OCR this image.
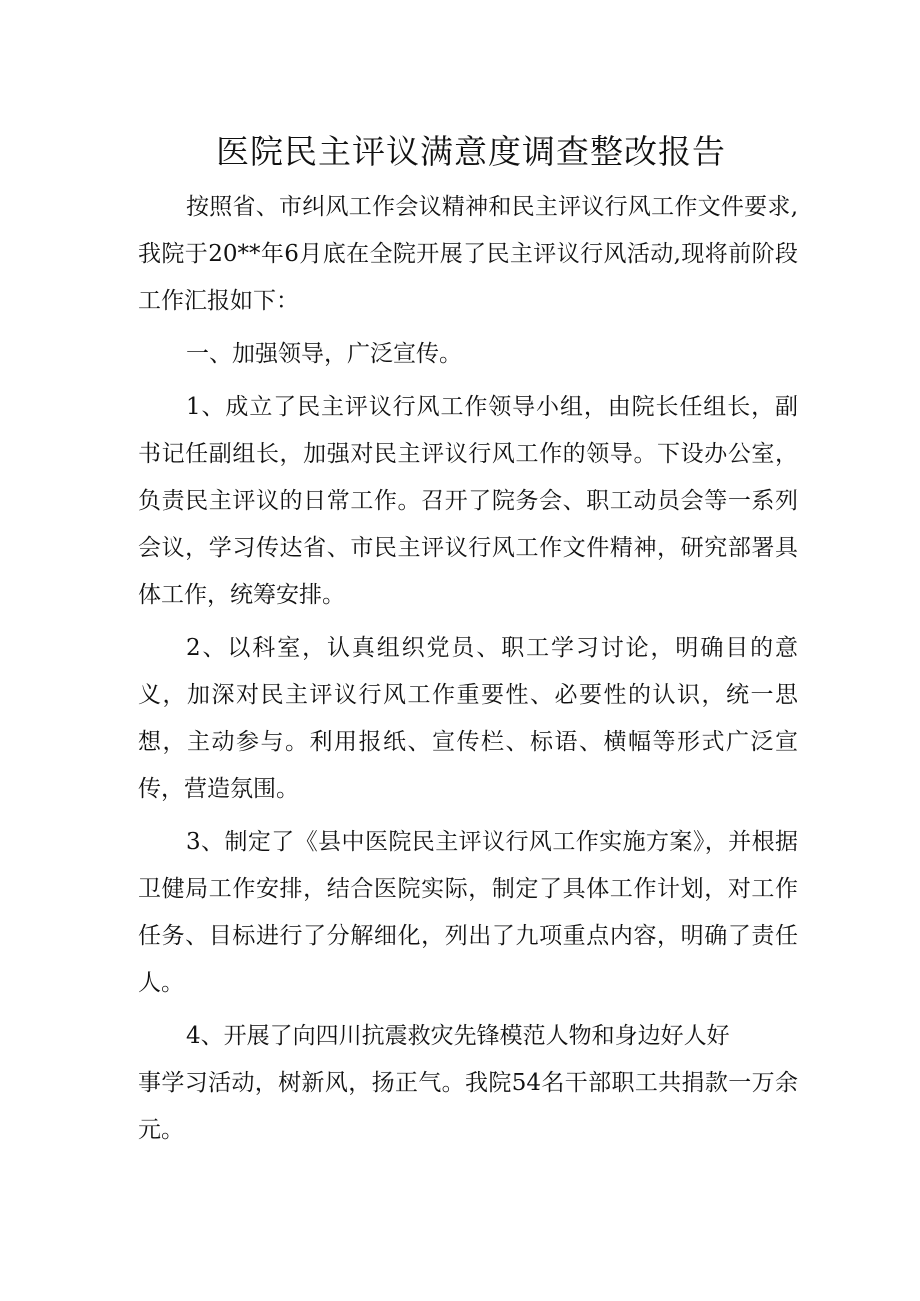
医院民主评议满意度调查整改报告

按照省、市纠风工作会议精神和民主评议行风工作文件要求,我院于20**年6月底在全院开展了民主评议行风活动,现将前阶段工作汇报如下：

一、加强领导，广泛宣传。

1、成立了民主评议行风工作领导小组，由院长任组长，副书记任副组长，加强对民主评议行风工作的领导。下设办公室，负责民主评议的日常工作。召开了院务会、职工动员会等一系列会议，学习传达省、市民主评议行风工作文件精神，研究部署具体工作，统筹安排。

2、以科室，认真组织党员、职工学习讨论，明确目的意义，加深对民主评议行风工作重要性、必要性的认识，统一思想，主动参与。利用报纸、宣传栏、标语、横幅等形式广泛宣传，营造氛围。

3、制定了《县中医院民主评议行风工作实施方案》，并根据卫健局工作安排，结合医院实际，制定了具体工作计划，对工作任务、目标进行了分解细化，列出了九项重点内容，明确了责任人。

4、开展了向四川抗震救灾先锋模范人物和身边好人好
事学习活动，树新风，扬正气。我院54名干部职工共捐款一万余元。
